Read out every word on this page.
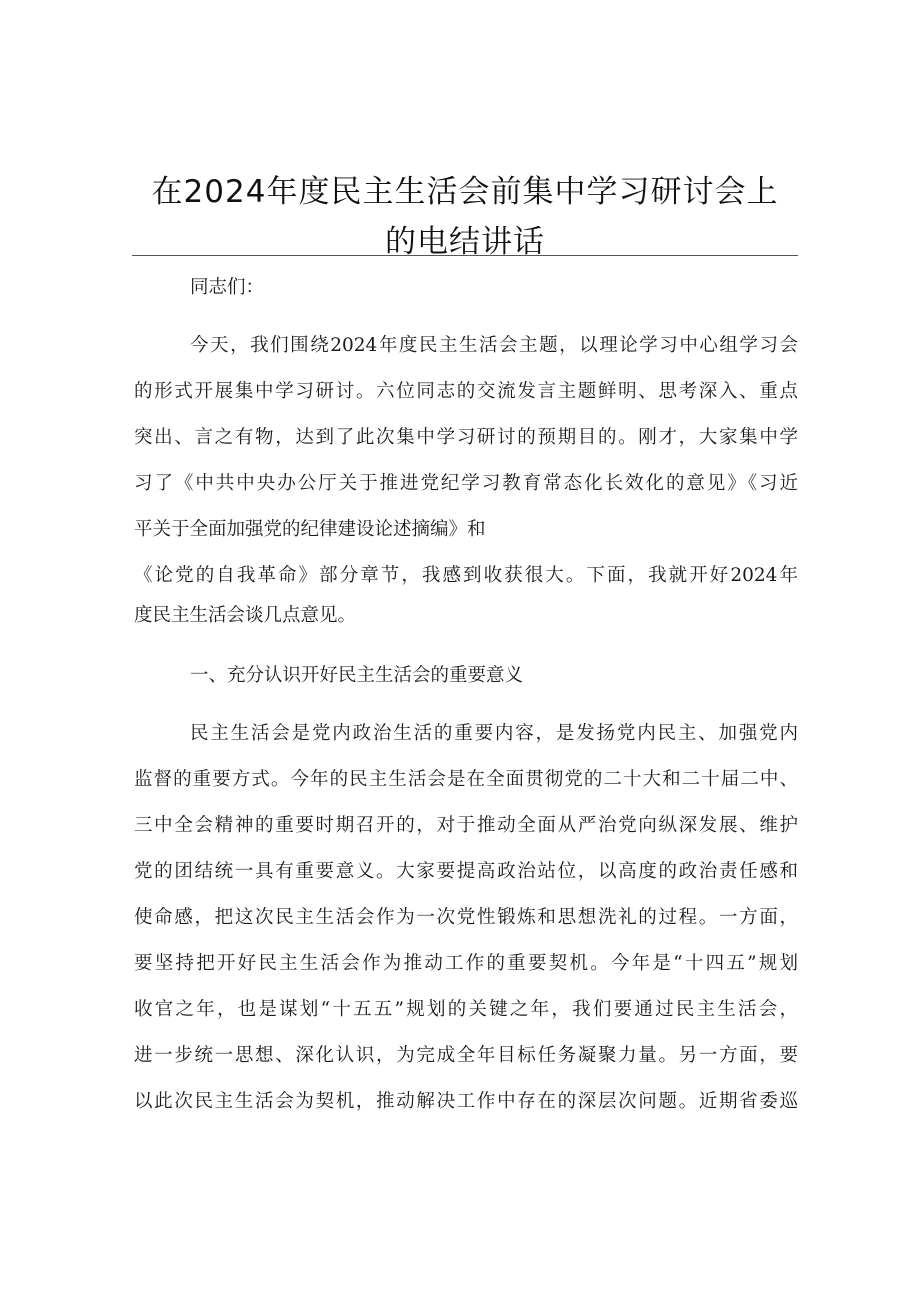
在2024年度民主生活会前集中学习研讨会上
的电结讲话
同志们：
今天，我们围绕2024年度民主生活会主题，以理论学习中心组学习会
的形式开展集中学习研讨。六位同志的交流发言主题鲜明、思考深入、重点
突出、言之有物，达到了此次集中学习研讨的预期目的。刚才，大家集中学
习了《中共中央办公厅关于推进党纪学习教育常态化长效化的意见》《习近
平关于全面加强党的纪律建设论述摘编》和
《论党的自我革命》部分章节，我感到收获很大。下面，我就开好2024年
度民主生活会谈几点意见。
一、充分认识开好民主生活会的重要意义
民主生活会是党内政治生活的重要内容，是发扬党内民主、加强党内
监督的重要方式。今年的民主生活会是在全面贯彻党的二十大和二十届二中、
三中全会精神的重要时期召开的，对于推动全面从严治党向纵深发展、维护
党的团结统一具有重要意义。大家要提高政治站位，以高度的政治责任感和
使命感，把这次民主生活会作为一次党性锻炼和思想洗礼的过程。一方面，
要坚持把开好民主生活会作为推动工作的重要契机。今年是“十四五”规划
收官之年，也是谋划“十五五”规划的关键之年，我们要通过民主生活会，
进一步统一思想、深化认识，为完成全年目标任务凝聚力量。另一方面，要
以此次民主生活会为契机，推动解决工作中存在的深层次问题。近期省委巡
